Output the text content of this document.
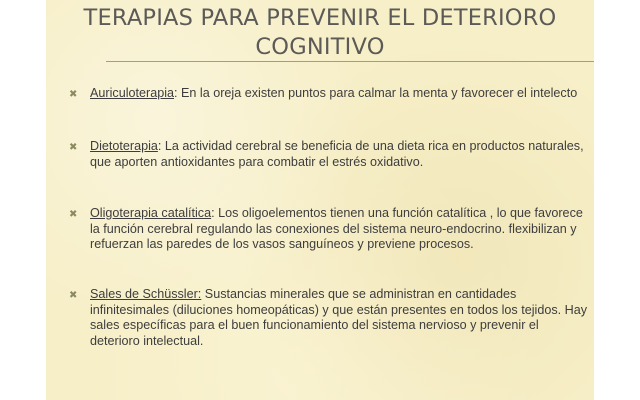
TERAPIAS PARA PREVENIR EL DETERIORO
COGNITIVO
✖ Auriculoterapia: En la oreja existen puntos para calmar la menta y favorecer el intelecto
✖ Dietoterapia: La actividad cerebral se beneficia de una dieta rica en productos naturales, que aporten antioxidantes para combatir el estrés oxidativo.
✖ Oligoterapia catalítica: Los oligoelementos tienen una función catalítica , lo que favorece la función cerebral regulando las conexiones del sistema neuro-endocrino. flexibilizan y refuerzan las paredes de los vasos sanguíneos y previene procesos.
✖ Sales de Schüssler: Sustancias minerales que se administran en cantidades infinitesimales (diluciones homeopáticas) y que están presentes en todos los tejidos. Hay sales específicas para el buen funcionamiento del sistema nervioso y prevenir el deterioro intelectual.
